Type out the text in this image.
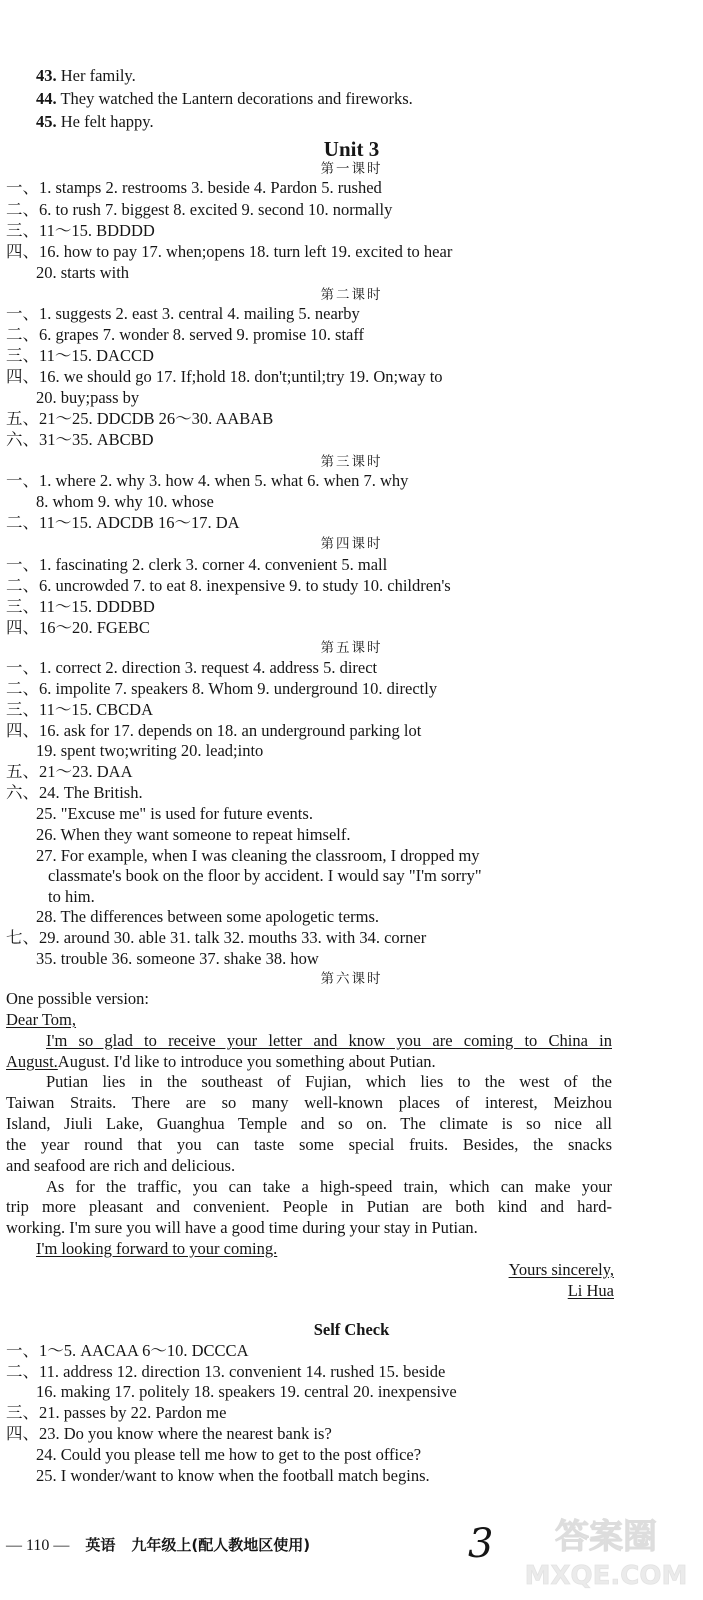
43. Her family.
44. They watched the Lantern decorations and fireworks.
45. He felt happy.
Unit 3
第一课时
一、1. stamps 2. restrooms 3. beside 4. Pardon 5. rushed
二、6. to rush 7. biggest 8. excited 9. second 10. normally
三、11～15. BDDDD
四、16. how to pay 17. when;opens 18. turn left 19. excited to hear
20. starts with
第二课时
一、1. suggests 2. east 3. central 4. mailing 5. nearby
二、6. grapes 7. wonder 8. served 9. promise 10. staff
三、11～15. DACCD
四、16. we should go 17. If;hold 18. don't;until;try 19. On;way to
20. buy;pass by
五、21～25. DDCDB 26～30. AABAB
六、31～35. ABCBD
第三课时
一、1. where 2. why 3. how 4. when 5. what 6. when 7. why
8. whom 9. why 10. whose
二、11～15. ADCDB 16～17. DA
第四课时
一、1. fascinating 2. clerk 3. corner 4. convenient 5. mall
二、6. uncrowded 7. to eat 8. inexpensive 9. to study 10. children's
三、11～15. DDDBD
四、16～20. FGEBC
第五课时
一、1. correct 2. direction 3. request 4. address 5. direct
二、6. impolite 7. speakers 8. Whom 9. underground 10. directly
三、11～15. CBCDA
四、16. ask for 17. depends on 18. an underground parking lot
19. spent two;writing 20. lead;into
五、21～23. DAA
六、24. The British.
25. "Excuse me" is used for future events.
26. When they want someone to repeat himself.
27. For example, when I was cleaning the classroom, I dropped my
classmate's book on the floor by accident. I would say "I'm sorry"
to him.
28. The differences between some apologetic terms.
七、29. around 30. able 31. talk 32. mouths 33. with 34. corner
35. trouble 36. someone 37. shake 38. how
第六课时
One possible version:
Dear Tom,
I'm so glad to receive your letter and know you are coming to China in
August.August. I'd like to introduce you something about Putian.
Putian lies in the southeast of Fujian, which lies to the west of the
Taiwan Straits. There are so many well-known places of interest, Meizhou
Island, Jiuli Lake, Guanghua Temple and so on. The climate is so nice all
the year round that you can taste some special fruits. Besides, the snacks
and seafood are rich and delicious.
As for the traffic, you can take a high-speed train, which can make your
trip more pleasant and convenient. People in Putian are both kind and hard-
working. I'm sure you will have a good time during your stay in Putian.
I'm looking forward to your coming.
Yours sincerely,
Li Hua
Self Check
一、1～5. AACAA 6～10. DCCCA
二、11. address 12. direction 13. convenient 14. rushed 15. beside
16. making 17. politely 18. speakers 19. central 20. inexpensive
三、21. passes by 22. Pardon me
四、23. Do you know where the nearest bank is?
24. Could you please tell me how to get to the post office?
25. I wonder/want to know when the football match begins.
— 110 — 英语 九年级上(配人教地区使用)	3 答案圈
MXQE.COM
